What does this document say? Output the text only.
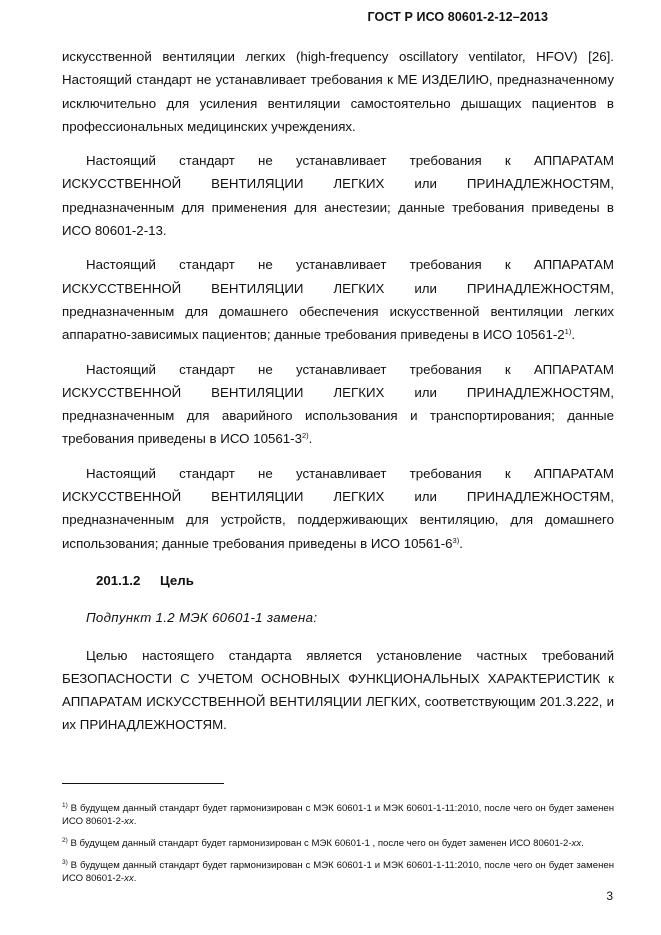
ГОСТ Р ИСО 80601-2-12–2013

искусственной вентиляции легких (high-frequency oscillatory ventilator, HFOV) [26]. Настоящий стандарт не устанавливает требования к МЕ ИЗДЕЛИЮ, предназначенному исключительно для усиления вентиляции самостоятельно дышащих пациентов в профессиональных медицинских учреждениях.

Настоящий стандарт не устанавливает требования к АППАРАТАМ ИСКУССТВЕННОЙ ВЕНТИЛЯЦИИ ЛЕГКИХ или ПРИНАДЛЕЖНОСТЯМ, предназначенным для применения для анестезии; данные требования приведены в ИСО 80601-2-13.

Настоящий стандарт не устанавливает требования к АППАРАТАМ ИСКУССТВЕННОЙ ВЕНТИЛЯЦИИ ЛЕГКИХ или ПРИНАДЛЕЖНОСТЯМ, предназначенным для домашнего обеспечения искусственной вентиляции легких аппаратно-зависимых пациентов; данные требования приведены в ИСО 10561-2$^{1)}$.

Настоящий стандарт не устанавливает требования к АППАРАТАМ ИСКУССТВЕННОЙ ВЕНТИЛЯЦИИ ЛЕГКИХ или ПРИНАДЛЕЖНОСТЯМ, предназначенным для аварийного использования и транспортирования; данные требования приведены в ИСО 10561-3$^{2)}$.

Настоящий стандарт не устанавливает требования к АППАРАТАМ ИСКУССТВЕННОЙ ВЕНТИЛЯЦИИ ЛЕГКИХ или ПРИНАДЛЕЖНОСТЯМ, предназначенным для устройств, поддерживающих вентиляцию, для домашнего использования; данные требования приведены в ИСО 10561-6$^{3)}$.

201.1.2 Цель

Подпункт 1.2 МЭК 60601-1 замена:

Целью настоящего стандарта является установление частных требований БЕЗОПАСНОСТИ С УЧЕТОМ ОСНОВНЫХ ФУНКЦИОНАЛЬНЫХ ХАРАКТЕРИСТИК к АППАРАТАМ ИСКУССТВЕННОЙ ВЕНТИЛЯЦИИ ЛЕГКИХ, соответствующим 201.3.222, и их ПРИНАДЛЕЖНОСТЯМ.

$^{1)}$ В будущем данный стандарт будет гармонизирован с МЭК 60601-1 и МЭК 60601-1-11:2010, после чего он будет заменен ИСО 80601-2-xx.

$^{2)}$ В будущем данный стандарт будет гармонизирован с МЭК 60601-1 , после чего он будет заменен ИСО 80601-2-xx.

$^{3)}$ В будущем данный стандарт будет гармонизирован с МЭК 60601-1 и МЭК 60601-1-11:2010, после чего он будет заменен ИСО 80601-2-xx.

3
